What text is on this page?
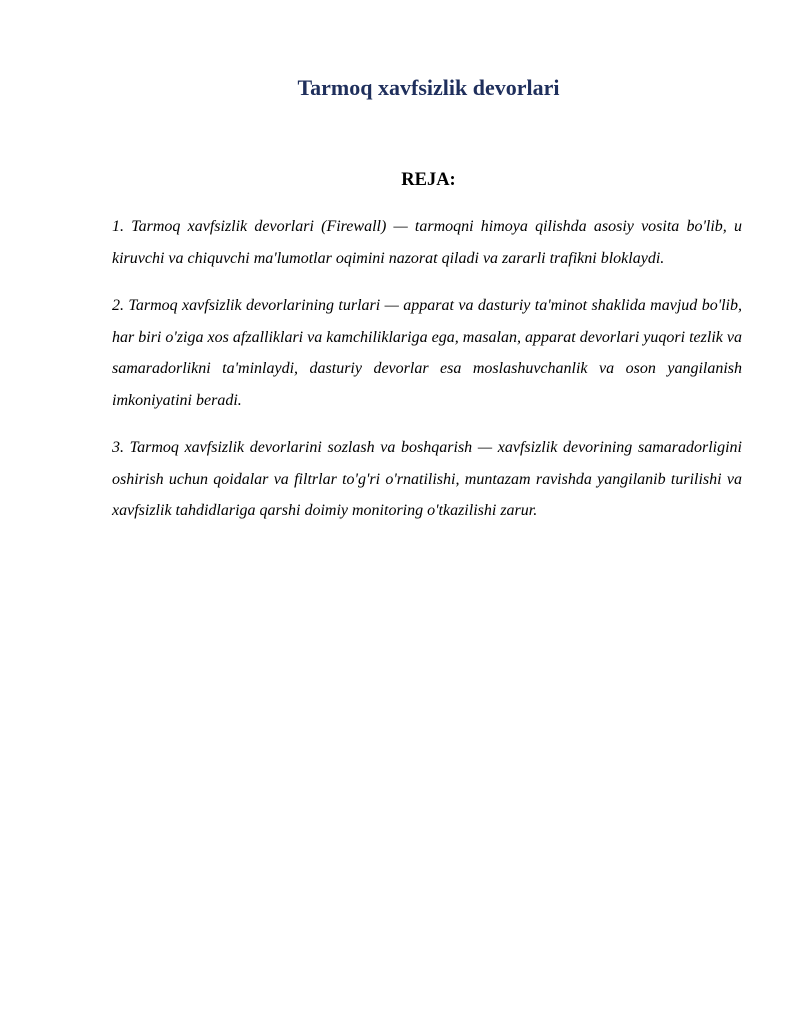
Tarmoq xavfsizlik devorlari
REJA:

1. Tarmoq xavfsizlik devorlari (Firewall) — tarmoqni himoya qilishda asosiy vosita bo'lib, u kiruvchi va chiquvchi ma'lumotlar oqimini nazorat qiladi va zararli trafikni bloklaydi.

2. Tarmoq xavfsizlik devorlarining turlari — apparat va dasturiy ta'minot shaklida mavjud bo'lib, har biri o'ziga xos afzalliklari va kamchiliklariga ega, masalan, apparat devorlari yuqori tezlik va samaradorlikni ta'minlaydi, dasturiy devorlar esa moslashuvchanlik va oson yangilanish imkoniyatini beradi.

3. Tarmoq xavfsizlik devorlarini sozlash va boshqarish — xavfsizlik devorining samaradorligini oshirish uchun qoidalar va filtrlar to'g'ri o'rnatilishi, muntazam ravishda yangilanib turilishi va xavfsizlik tahdidlariga qarshi doimiy monitoring o'tkazilishi zarur.
